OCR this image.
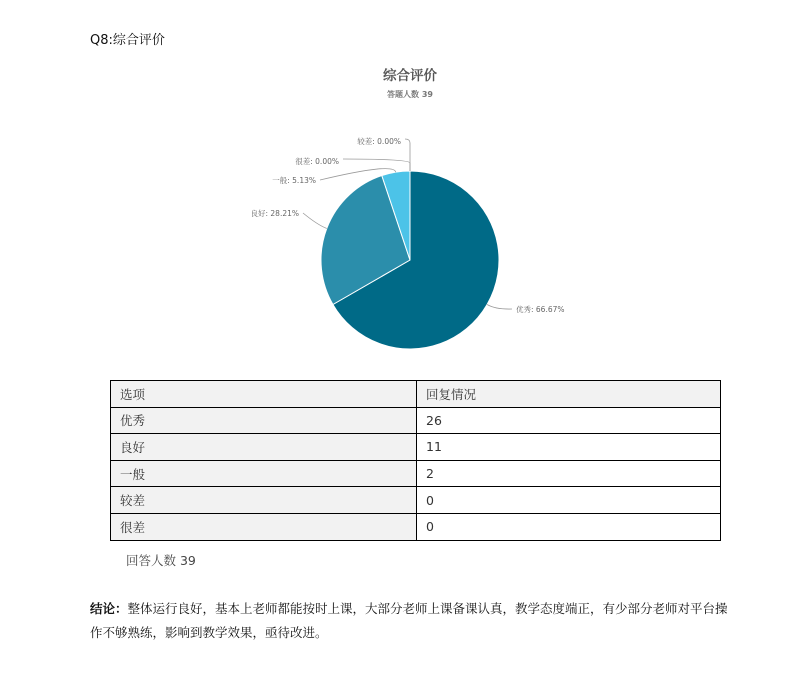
Q8:综合评价
综合评价
答题人数 39
优秀: 66.67%
良好: 28.21%
一般: 5.13%
很差: 0.00%
较差: 0.00%
选项	回复情况
优秀	26
良好	11
一般	2
较差	0
很差	0
回答人数 39
结论：整体运行良好，基本上老师都能按时上课，大部分老师上课备课认真，教学态度端正，有少部分老师对平台操作不够熟练，影响到教学效果，亟待改进。
